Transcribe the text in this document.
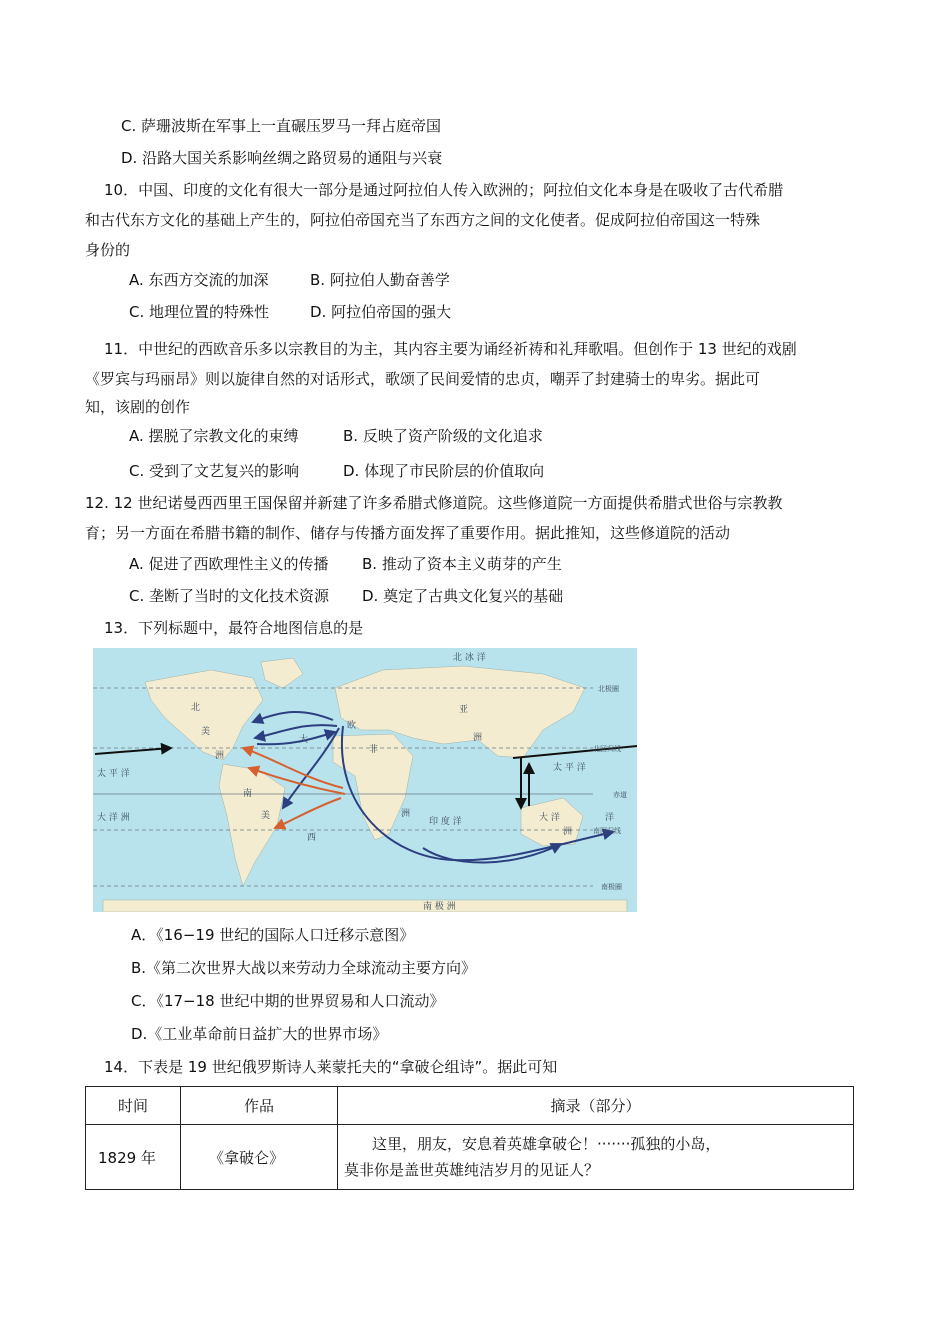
C. 萨珊波斯在军事上一直碾压罗马一拜占庭帝国
D. 沿路大国关系影响丝绸之路贸易的通阻与兴衰
10．中国、印度的文化有很大一部分是通过阿拉伯人传入欧洲的；阿拉伯文化本身是在吸收了古代希腊
和古代东方文化的基础上产生的，阿拉伯帝国充当了东西方之间的文化使者。促成阿拉伯帝国这一特殊
身份的
A. 东西方交流的加深	B. 阿拉伯人勤奋善学
C. 地理位置的特殊性	D. 阿拉伯帝国的强大
11．中世纪的西欧音乐多以宗教目的为主，其内容主要为诵经祈祷和礼拜歌唱。但创作于 13 世纪的戏剧
《罗宾与玛丽昂》则以旋律自然的对话形式，歌颂了民间爱情的忠贞，嘲弄了封建骑士的卑劣。据此可
知，该剧的创作
A. 摆脱了宗教文化的束缚	B. 反映了资产阶级的文化追求
C. 受到了文艺复兴的影响	D. 体现了市民阶层的价值取向
12. 12 世纪诺曼西西里王国保留并新建了许多希腊式修道院。这些修道院一方面提供希腊式世俗与宗教教
育；另一方面在希腊书籍的制作、储存与传播方面发挥了重要作用。据此推知，这些修道院的活动
A. 促进了西欧理性主义的传播 B. 推动了资本主义萌芽的产生
C. 垄断了当时的文化技术资源 D. 奠定了古典文化复兴的基础
13．下列标题中，最符合地图信息的是
北 冰 洋
北极圈
北回归线
赤道
南回归线
南极圈
南 极 洲
北
美
洲
南
美
欧
亚
洲
非
洲	大 洋
洲
大
西
太 平 洋
大 洋 洲
太 平 洋
印 度 洋	洋
A．《16−19 世纪的国际人口迁移示意图》
B.《第二次世界大战以来劳动力全球流动主要方向》
C．《17−18 世纪中期的世界贸易和人口流动》
D.《工业革命前日益扩大的世界市场》
14．下表是 19 世纪俄罗斯诗人莱蒙托夫的“拿破仑组诗”。据此可知
时间	作品	摘录（部分）
1829 年	《拿破仑》	这里，朋友，安息着英雄拿破仑！·······孤独的小岛，
莫非你是盖世英雄纯洁岁月的见证人？
